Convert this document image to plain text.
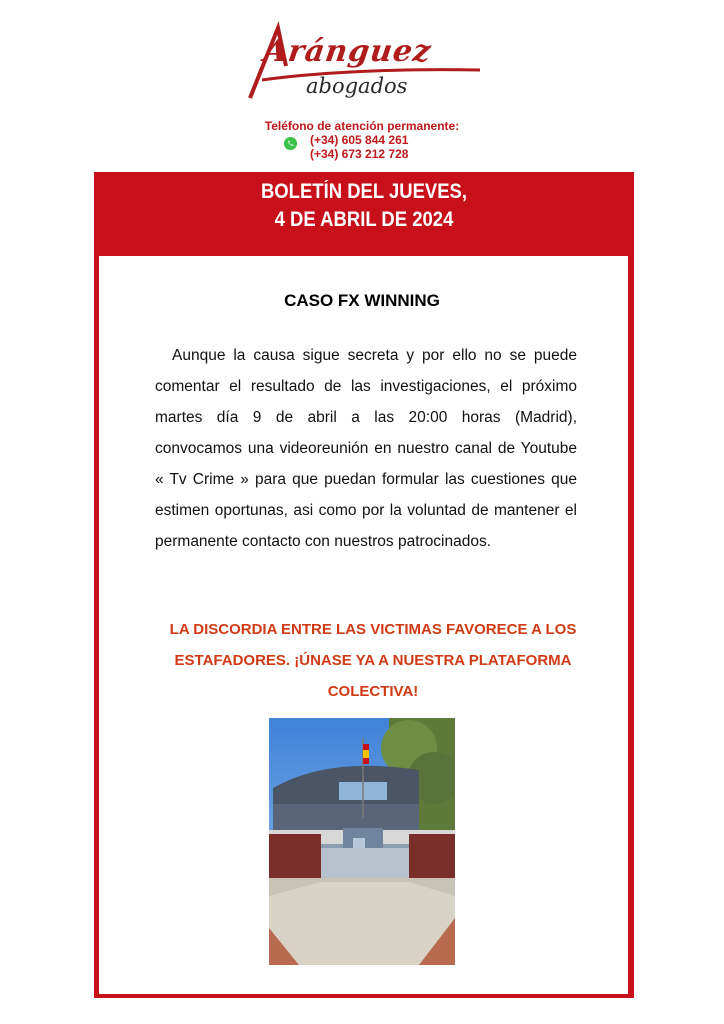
Aránguez
abogados
Teléfono de atención permanente:
(+34) 605 844 261
(+34) 673 212 728
BOLETÍN DEL JUEVES,
4 DE ABRIL DE 2024
CASO FX WINNING
Aunque la causa sigue secreta y por ello no se puede comentar el resultado de las investigaciones, el próximo martes día 9 de abril a las 20:00 horas (Madrid), convocamos una videoreunión en nuestro canal de Youtube « Tv Crime » para que puedan formular las cuestiones que estimen oportunas, asi como por la voluntad de mantener el permanente contacto con nuestros patrocinados.
LA DISCORDIA ENTRE LAS VICTIMAS FAVORECE A LOS ESTAFADORES. ¡ÚNASE YA A NUESTRA PLATAFORMA COLECTIVA!
